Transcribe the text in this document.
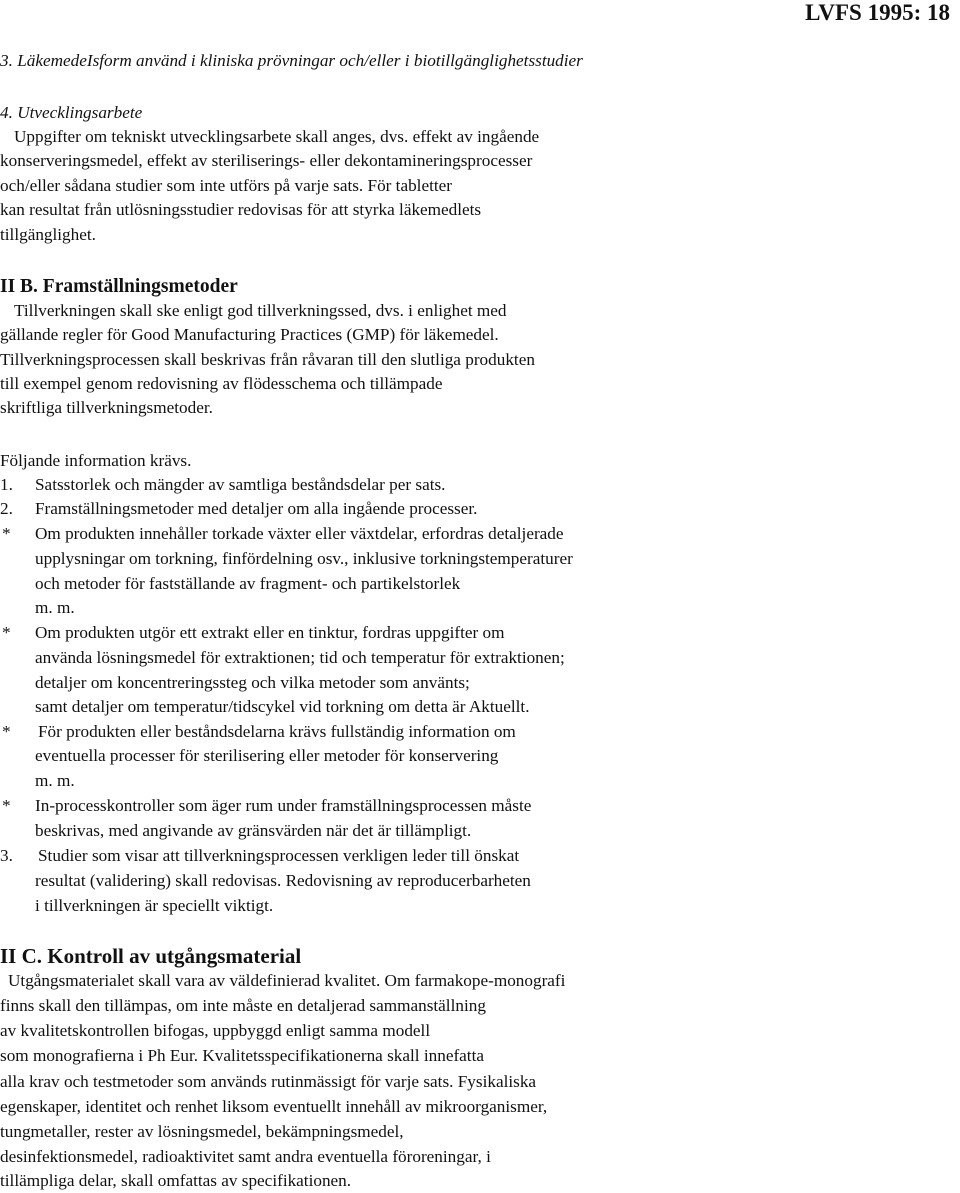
LVFS 1995: 18
3. LäkemedeIsform använd i kliniska prövningar och/eller i biotillgänglighetsstudier
4. Utvecklingsarbete
Uppgifter om tekniskt utvecklingsarbete skall anges, dvs. effekt av ingående
konserveringsmedel, effekt av steriliserings- eller dekontamineringsprocesser
och/eller sådana studier som inte utförs på varje sats. För tabletter
kan resultat från utlösningsstudier redovisas för att styrka läkemedlets
tillgänglighet.
II B. Framställningsmetoder
Tillverkningen skall ske enligt god tillverkningssed, dvs. i enlighet med
gällande regler för Good Manufacturing Practices (GMP) för läkemedel.
Tillverkningsprocessen skall beskrivas från råvaran till den slutliga produkten
till exempel genom redovisning av flödesschema och tillämpade
skriftliga tillverkningsmetoder.
Följande information krävs.
1. Satsstorlek och mängder av samtliga beståndsdelar per sats.
2. Framställningsmetoder med detaljer om alla ingående processer.
* Om produkten innehåller torkade växter eller växtdelar, erfordras detaljerade
upplysningar om torkning, finfördelning osv., inklusive torkningstemperaturer
och metoder för fastställande av fragment- och partikelstorlek
m. m.
* Om produkten utgör ett extrakt eller en tinktur, fordras uppgifter om
använda lösningsmedel för extraktionen; tid och temperatur för extraktionen;
detaljer om koncentreringssteg och vilka metoder som använts;
samt detaljer om temperatur/tidscykel vid torkning om detta är Aktuellt.
* För produkten eller beståndsdelarna krävs fullständig information om
eventuella processer för sterilisering eller metoder för konservering
m. m.
* In-processkontroller som äger rum under framställningsprocessen måste
beskrivas, med angivande av gränsvärden när det är tillämpligt.
3. Studier som visar att tillverkningsprocessen verkligen leder till önskat
resultat (validering) skall redovisas. Redovisning av reproducerbarheten
i tillverkningen är speciellt viktigt.
II C. Kontroll av utgångsmaterial
Utgångsmaterialet skall vara av väldefinierad kvalitet. Om farmakope-monografi
finns skall den tillämpas, om inte måste en detaljerad sammanställning
av kvalitetskontrollen bifogas, uppbyggd enligt samma modell
som monografierna i Ph Eur. Kvalitetsspecifikationerna skall innefatta
alla krav och testmetoder som används rutinmässigt för varje sats. Fysikaliska
egenskaper, identitet och renhet liksom eventuellt innehåll av mikroorganismer,
tungmetaller, rester av lösningsmedel, bekämpningsmedel,
desinfektionsmedel, radioaktivitet samt andra eventuella föroreningar, i
tillämpliga delar, skall omfattas av specifikationen.
